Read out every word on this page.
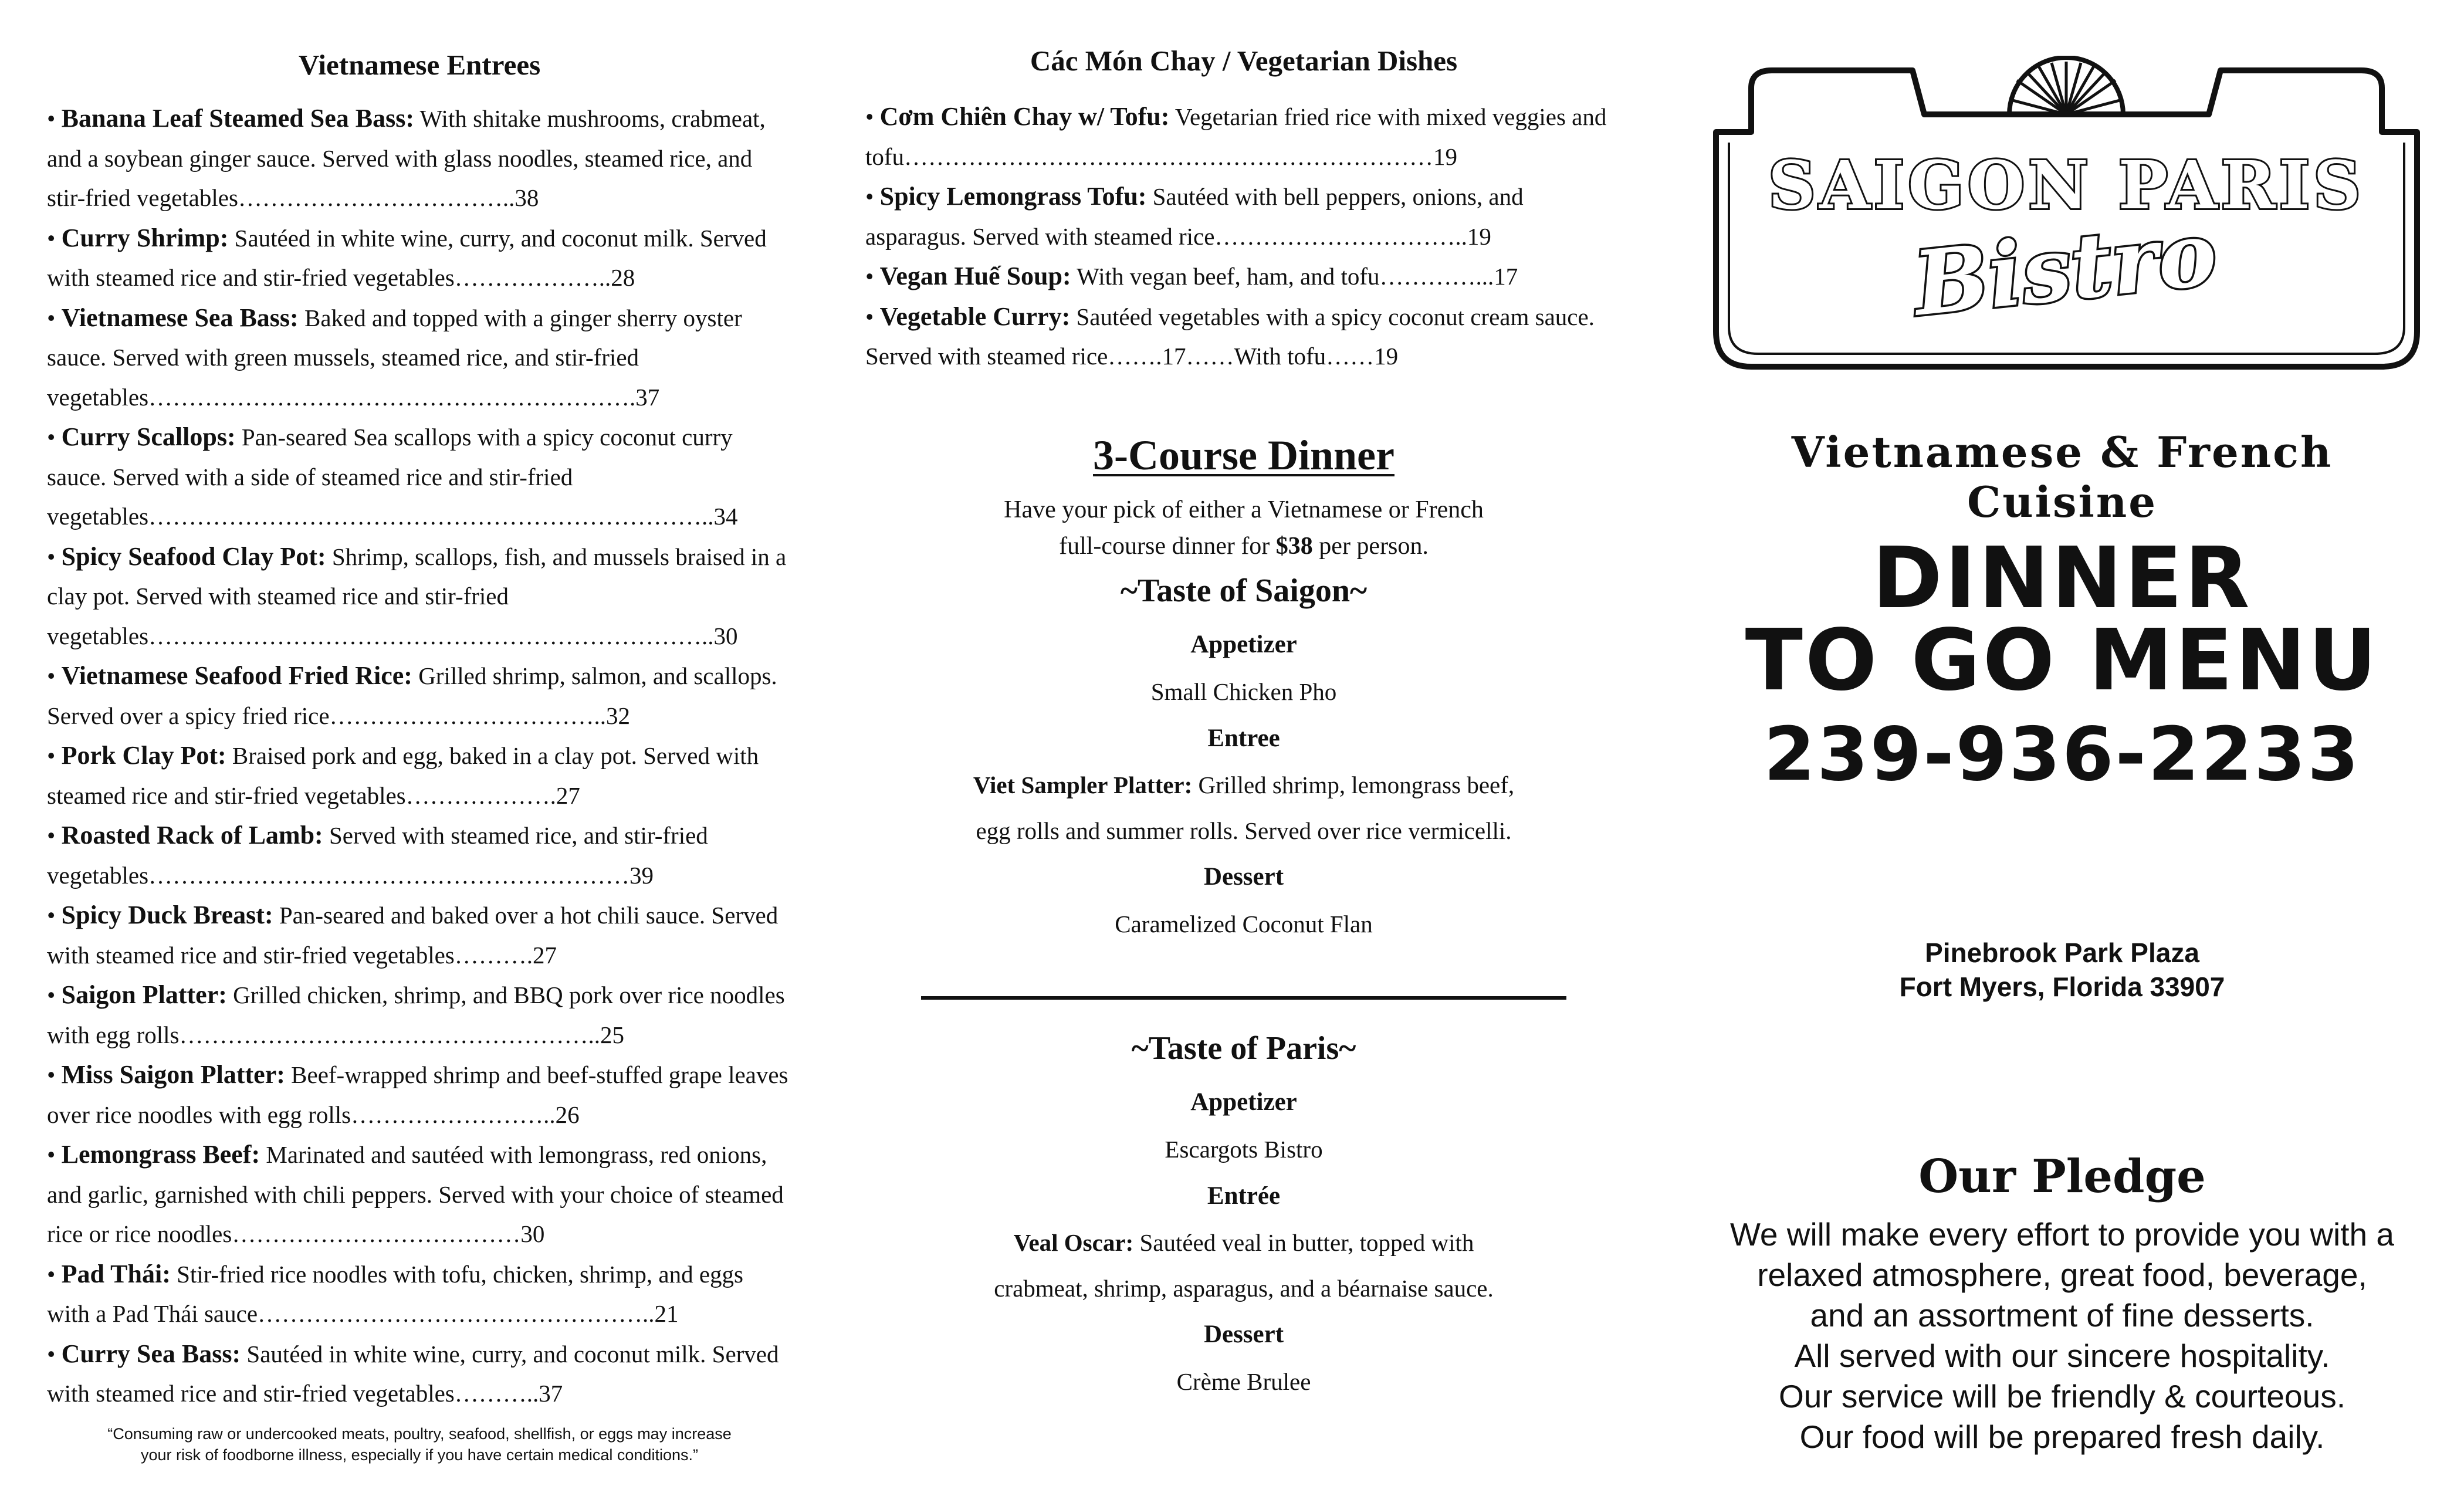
Vietnamese Entrees
• Banana Leaf Steamed Sea Bass: With shitake mushrooms, crabmeat, and a soybean ginger sauce. Served with glass noodles, steamed rice, and stir-fried vegetables……………………………..38
• Curry Shrimp: Sautéed in white wine, curry, and coconut milk. Served with steamed rice and stir-fried vegetables………………..28
• Vietnamese Sea Bass: Baked and topped with a ginger sherry oyster sauce. Served with green mussels, steamed rice, and stir-fried vegetables…………………………………………………….37
• Curry Scallops: Pan-seared Sea scallops with a spicy coconut curry sauce. Served with a side of steamed rice and stir-fried vegetables……………………………………………………………..34
• Spicy Seafood Clay Pot: Shrimp, scallops, fish, and mussels braised in a clay pot. Served with steamed rice and stir-fried vegetables……………………………………………………………..30
• Vietnamese Seafood Fried Rice: Grilled shrimp, salmon, and scallops. Served over a spicy fried rice……………………………..32
• Pork Clay Pot: Braised pork and egg, baked in a clay pot. Served with steamed rice and stir-fried vegetables……………….27
• Roasted Rack of Lamb: Served with steamed rice, and stir-fried vegetables……………………………………………………39
• Spicy Duck Breast: Pan-seared and baked over a hot chili sauce. Served with steamed rice and stir-fried vegetables……….27
• Saigon Platter: Grilled chicken, shrimp, and BBQ pork over rice noodles with egg rolls……………………………………………..25
• Miss Saigon Platter: Beef-wrapped shrimp and beef-stuffed grape leaves over rice noodles with egg rolls……………………..26
• Lemongrass Beef: Marinated and sautéed with lemongrass, red onions, and garlic, garnished with chili peppers. Served with your choice of steamed rice or rice noodles………………………………30
• Pad Thái: Stir-fried rice noodles with tofu, chicken, shrimp, and eggs with a Pad Thái sauce…………………………………………..21
• Curry Sea Bass: Sautéed in white wine, curry, and coconut milk. Served with steamed rice and stir-fried vegetables………..37
“Consuming raw or undercooked meats, poultry, seafood, shellfish, or eggs may increase
your risk of foodborne illness, especially if you have certain medical conditions.”
Các Món Chay / Vegetarian Dishes
• Cơm Chiên Chay w/ Tofu: Vegetarian fried rice with mixed veggies and tofu…………………………………………………………19
• Spicy Lemongrass Tofu: Sautéed with bell peppers, onions, and asparagus. Served with steamed rice…………………………..19
• Vegan Huế Soup: With vegan beef, ham, and tofu…………...17
• Vegetable Curry: Sautéed vegetables with a spicy coconut cream sauce. Served with steamed rice…….17……With tofu……19
3-Course Dinner
Have your pick of either a Vietnamese or French
full-course dinner for $38 per person.
~Taste of Saigon~
Appetizer
Small Chicken Pho
Entree
Viet Sampler Platter: Grilled shrimp, lemongrass beef,
egg rolls and summer rolls. Served over rice vermicelli.
Dessert
Caramelized Coconut Flan
~Taste of Paris~
Appetizer
Escargots Bistro
Entrée
Veal Oscar: Sautéed veal in butter, topped with
crabmeat, shrimp, asparagus, and a béarnaise sauce.
Dessert
Crème Brulee
SAIGON PARIS
Bistro
Vietnamese & French Cuisine
DINNER
TO GO MENU
239-936-2233
Pinebrook Park Plaza
Fort Myers, Florida 33907
Our Pledge
We will make every effort to provide you with a
relaxed atmosphere, great food, beverage,
and an assortment of fine desserts.
All served with our sincere hospitality.
Our service will be friendly & courteous.
Our food will be prepared fresh daily.
